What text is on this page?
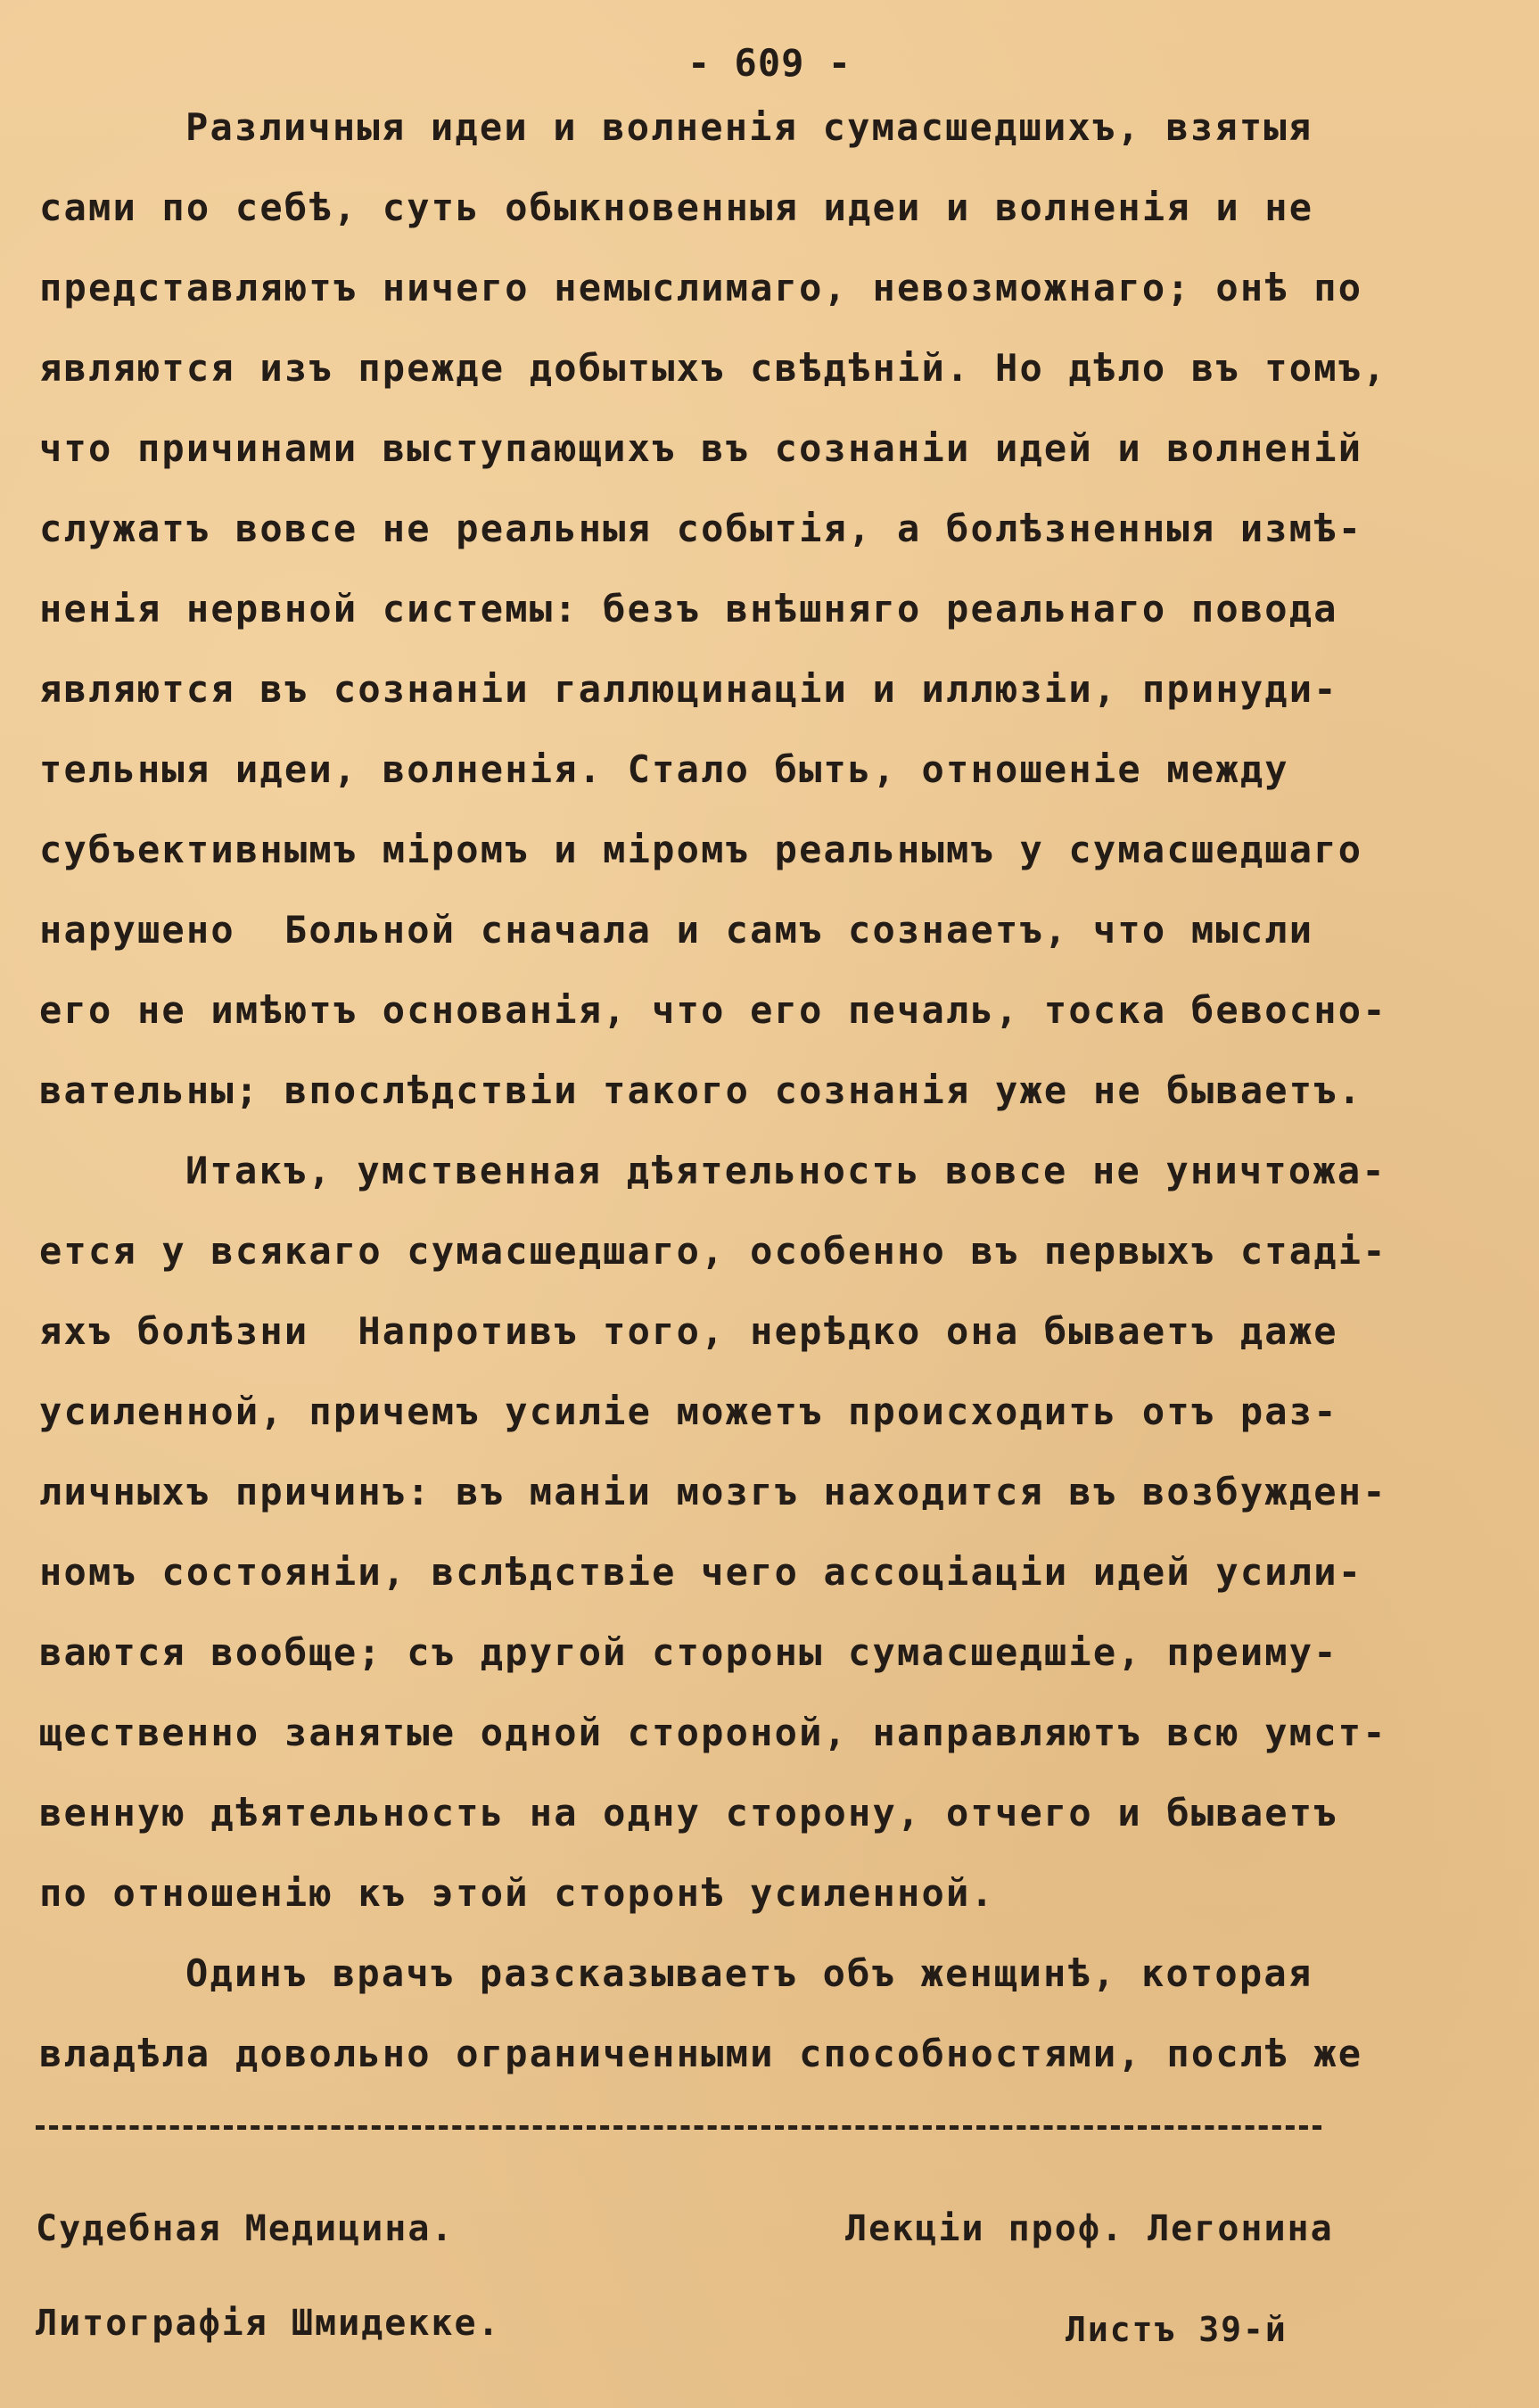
- 609 -
Различныя идеи и волненія сумасшедшихъ, взятыя
сами по себѣ, суть обыкновенныя идеи и волненія и не
представляютъ ничего немыслимаго, невозможнаго; онѣ по
являются изъ прежде добытыхъ свѣдѣній. Но дѣло въ томъ,
что причинами выступающихъ въ сознаніи идей и волненій
служатъ вовсе не реальныя событія, а болѣзненныя измѣ-
ненія нервной системы: безъ внѣшняго реальнаго повода
являются въ сознаніи галлюцинаціи и иллюзіи, принуди-
тельныя идеи, волненія. Стало быть, отношеніе между
субъективнымъ міромъ и міромъ реальнымъ у сумасшедшаго
нарушено  Больной сначала и самъ сознаетъ, что мысли
его не имѣютъ основанія, что его печаль, тоска бевоснo-
вательны; впослѣдствіи такого сознанія уже не бываетъ.
Итакъ, умственная дѣятельность вовсе не уничтожа-
ется у всякаго сумасшедшаго, особенно въ первыхъ стадi-
яхъ болѣзни  Напротивъ того, нерѣдко она бываетъ даже
усиленной, причемъ усиліе можетъ происходить отъ раз-
личныхъ причинъ: въ маніи мозгъ находится въ возбужден-
номъ состояніи, вслѣдствіе чего ассоціаціи идей усили-
ваются вообще; съ другой стороны сумасшедшіе, преиму-
щественно занятые одной стороной, направляютъ всю умст-
венную дѣятельность на одну сторону, отчего и бываетъ
по отношенію къ этой сторонѣ усиленной.
Одинъ врачъ разсказываетъ объ женщинѣ, которая
владѣла довольно ограниченными способностями, послѣ же
Судебная Медицина.	Лекціи проф. Легонина
Литографія Шмидекке.	Листъ 39-й
